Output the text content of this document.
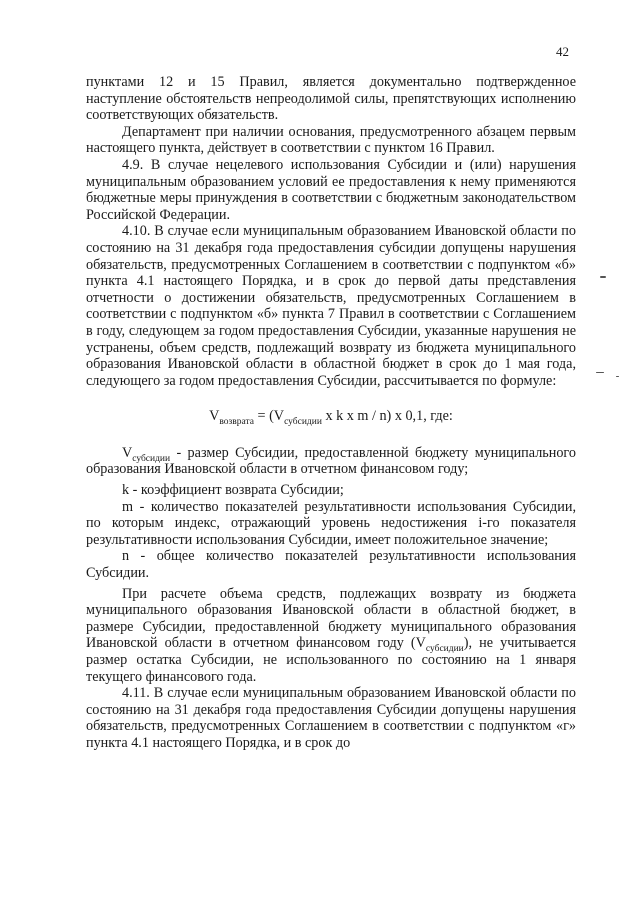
42

пунктами 12 и 15 Правил, является документально подтвержденное наступление обстоятельств непреодолимой силы, препятствующих исполнению соответствующих обязательств.

Департамент при наличии основания, предусмотренного абзацем первым настоящего пункта, действует в соответствии с пунктом 16 Правил.

4.9. В случае нецелевого использования Субсидии и (или) нарушения муниципальным образованием условий ее предоставления к нему применяются бюджетные меры принуждения в соответствии с бюджетным законодательством Российской Федерации.

4.10. В случае если муниципальным образованием Ивановской области по состоянию на 31 декабря года предоставления субсидии допущены нарушения обязательств, предусмотренных Соглашением в соответствии с подпунктом «б» пункта 4.1 настоящего Порядка, и в срок до первой даты представления отчетности о достижении обязательств, предусмотренных Соглашением в соответствии с подпунктом «б» пункта 7 Правил в соответствии с Соглашением в году, следующем за годом предоставления Субсидии, указанные нарушения не устранены, объем средств, подлежащий возврату из бюджета муниципального образования Ивановской области в областной бюджет в срок до 1 мая года, следующего за годом предоставления Субсидии, рассчитывается по формуле:

$V_{возврата} = (V_{субсидии}$ x k x m / n) x 0,1, где:

$V_{субсидии}$ - размер Субсидии, предоставленной бюджету муниципального образования Ивановской области в отчетном финансовом году;

k - коэффициент возврата Субсидии;

m - количество показателей результативности использования Субсидии, по которым индекс, отражающий уровень недостижения i-го показателя результативности использования Субсидии, имеет положительное значение;

n - общее количество показателей результативности использования Субсидии.

При расчете объема средств, подлежащих возврату из бюджета муниципального образования Ивановской области в областной бюджет, в размере Субсидии, предоставленной бюджету муниципального образования Ивановской области в отчетном финансовом году $(V_{субсидии})$, не учитывается размер остатка Субсидии, не использованного по состоянию на 1 января текущего финансового года.

4.11. В случае если муниципальным образованием Ивановской области по состоянию на 31 декабря года предоставления Субсидии допущены нарушения обязательств, предусмотренных Соглашением в соответствии с подпунктом «г» пункта 4.1 настоящего Порядка, и в срок до
